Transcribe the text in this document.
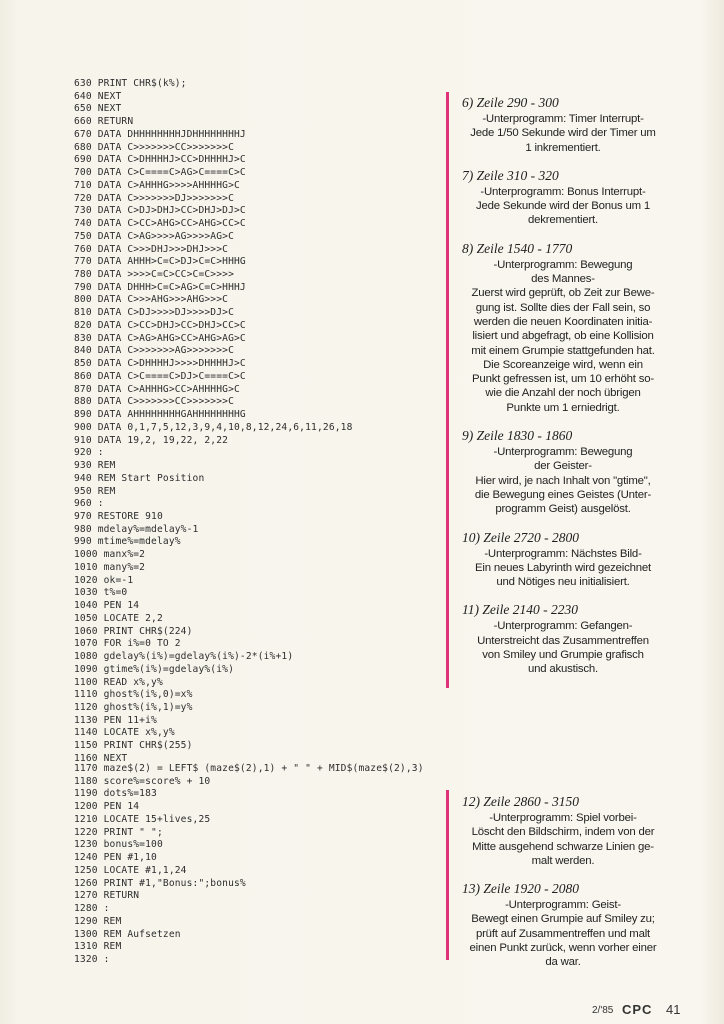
630 PRINT CHR$(k%);
640 NEXT
650 NEXT
660 RETURN
670 DATA DHHHHHHHHJDHHHHHHHHJ
680 DATA C>>>>>>>CC>>>>>>>C
690 DATA C>DHHHHJ>CC>DHHHHJ>C
700 DATA C>C====C>AG>C====C>C
710 DATA C>AHHHG>>>>AHHHHG>C
720 DATA C>>>>>>>DJ>>>>>>>C
730 DATA C>DJ>DHJ>CC>DHJ>DJ>C
740 DATA C>CC>AHG>CC>AHG>CC>C
750 DATA C>AG>>>>AG>>>>AG>C
760 DATA C>>>DHJ>>>DHJ>>>C
770 DATA AHHH>C=C>DJ>C=C>HHHG
780 DATA >>>>C=C>CC>C=C>>>>
790 DATA DHHH>C=C>AG>C=C>HHHJ
800 DATA C>>>AHG>>>AHG>>>C
810 DATA C>DJ>>>>DJ>>>>DJ>C
820 DATA C>CC>DHJ>CC>DHJ>CC>C
830 DATA C>AG>AHG>CC>AHG>AG>C
840 DATA C>>>>>>>AG>>>>>>>C
850 DATA C>DHHHHJ>>>>DHHHHJ>C
860 DATA C>C====C>DJ>C====C>C
870 DATA C>AHHHG>CC>AHHHHG>C
880 DATA C>>>>>>>CC>>>>>>>C
890 DATA AHHHHHHHHGAHHHHHHHHG
900 DATA 0,1,7,5,12,3,9,4,10,8,12,24,6,11,26,18
910 DATA 19,2, 19,22, 2,22
920 :
930 REM
940 REM Start Position
950 REM
960 :
970 RESTORE 910
980 mdelay%=mdelay%-1
990 mtime%=mdelay%
1000 manx%=2
1010 many%=2
1020 ok=-1
1030 t%=0
1040 PEN 14
1050 LOCATE 2,2
1060 PRINT CHR$(224)
1070 FOR i%=0 TO 2
1080 gdelay%(i%)=gdelay%(i%)-2*(i%+1)
1090 gtime%(i%)=gdelay%(i%)
1100 READ x%,y%
1110 ghost%(i%,0)=x%
1120 ghost%(i%,1)=y%
1130 PEN 11+i%
1140 LOCATE x%,y%
1150 PRINT CHR$(255)
1160 NEXT
1170 maze$(2) = LEFT$ (maze$(2),1) + " " + MID$(maze$(2),3)
1180 score%=score% + 10
1190 dots%=183
1200 PEN 14
1210 LOCATE 15+lives,25
1220 PRINT " ";
1230 bonus%=100
1240 PEN #1,10
1250 LOCATE #1,1,24
1260 PRINT #1,"Bonus:";bonus%
1270 RETURN
1280 :
1290 REM
1300 REM Aufsetzen
1310 REM
1320 :
6) Zeile 290 - 300
-Unterprogramm: Timer Interrupt-
Jede 1/50 Sekunde wird der Timer um
1 inkrementiert.
7) Zeile 310 - 320
-Unterprogramm: Bonus Interrupt-
Jede Sekunde wird der Bonus um 1
dekrementiert.
8) Zeile 1540 - 1770
-Unterprogramm: Bewegung
des Mannes-
Zuerst wird geprüft, ob Zeit zur Bewe-
gung ist. Sollte dies der Fall sein, so
werden die neuen Koordinaten initia-
lisiert und abgefragt, ob eine Kollision
mit einem Grumpie stattgefunden hat.
Die Scoreanzeige wird, wenn ein
Punkt gefressen ist, um 10 erhöht so-
wie die Anzahl der noch übrigen
Punkte um 1 erniedrigt.
9) Zeile 1830 - 1860
-Unterprogramm: Bewegung
der Geister-
Hier wird, je nach Inhalt von "gtime",
die Bewegung eines Geistes (Unter-
programm Geist) ausgelöst.
10) Zeile 2720 - 2800
-Unterprogramm: Nächstes Bild-
Ein neues Labyrinth wird gezeichnet
und Nötiges neu initialisiert.
11) Zeile 2140 - 2230
-Unterprogramm: Gefangen-
Unterstreicht das Zusammentreffen
von Smiley und Grumpie grafisch
und akustisch.
12) Zeile 2860 - 3150
-Unterprogramm: Spiel vorbei-
Löscht den Bildschirm, indem von der
Mitte ausgehend schwarze Linien ge-
malt werden.
13) Zeile 1920 - 2080
-Unterprogramm: Geist-
Bewegt einen Grumpie auf Smiley zu;
prüft auf Zusammentreffen und malt
einen Punkt zurück, wenn vorher einer
da war.
2/'85 CPC 41
